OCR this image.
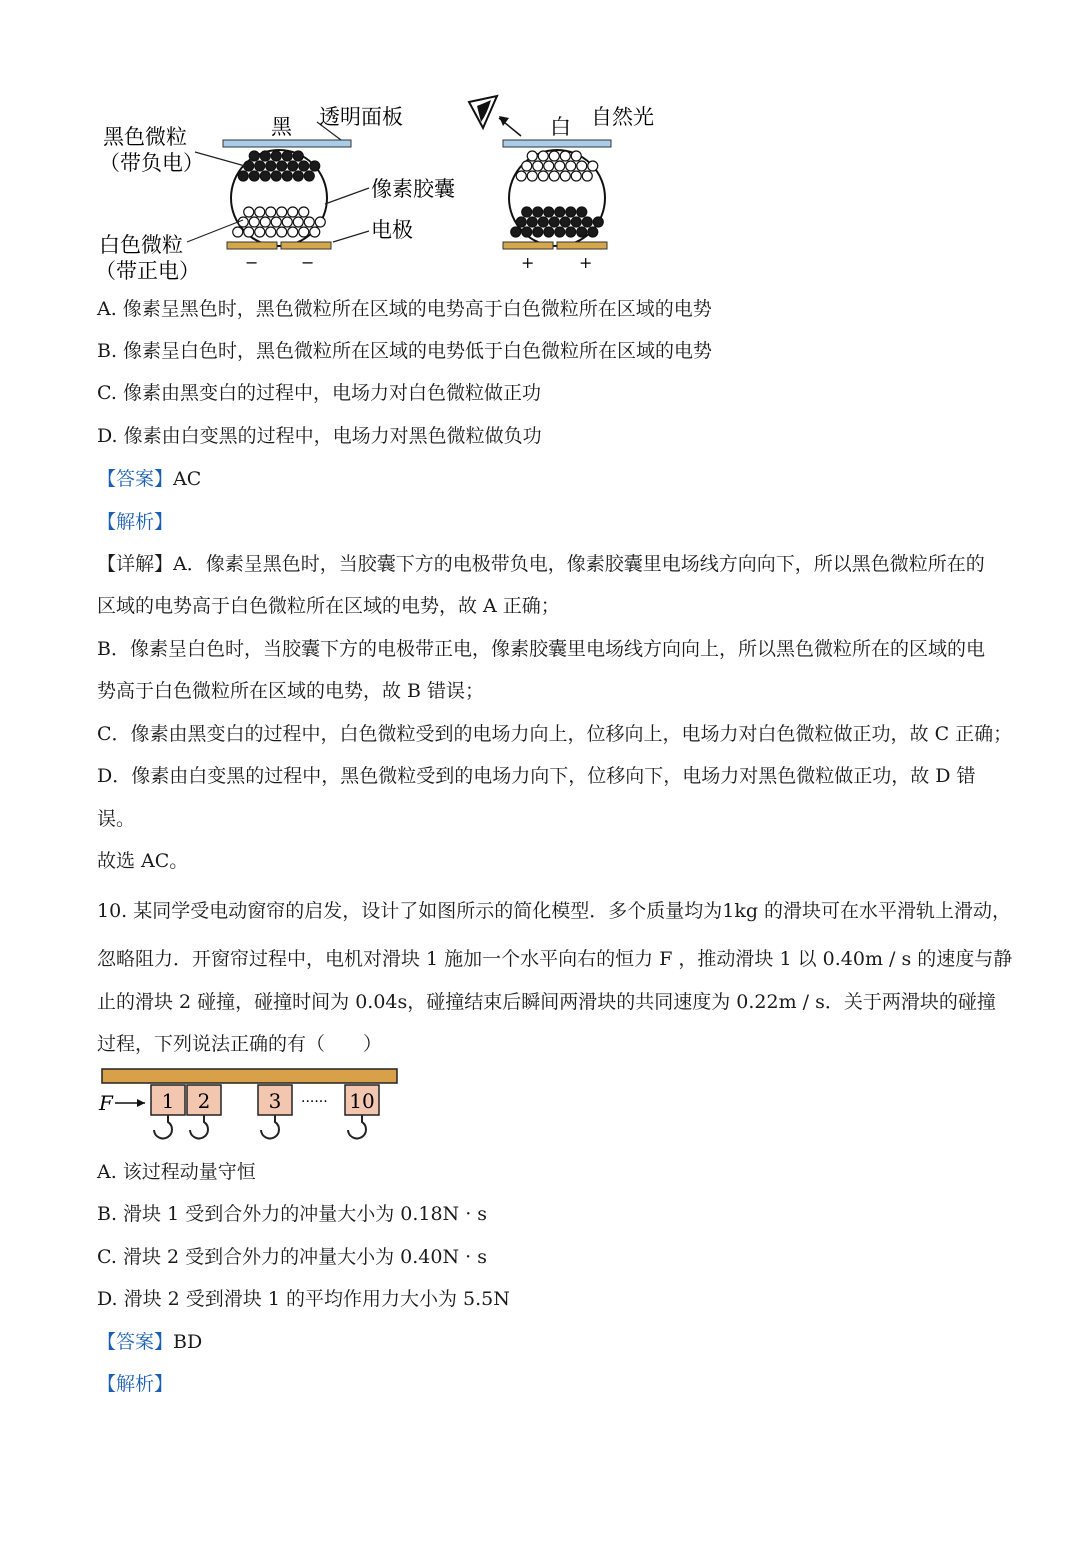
黑 透明面板
黑色微粒
（带负电）
像素胶囊
电极
−	−
白色微粒
（带正电）
白 自然光
+	+
A. 像素呈黑色时，黑色微粒所在区域的电势高于白色微粒所在区域的电势
B. 像素呈白色时，黑色微粒所在区域的电势低于白色微粒所在区域的电势
C. 像素由黑变白的过程中，电场力对白色微粒做正功
D. 像素由白变黑的过程中，电场力对黑色微粒做负功
【答案】AC
【解析】
【详解】A．像素呈黑色时，当胶囊下方的电极带负电，像素胶囊里电场线方向向下，所以黑色微粒所在的
区域的电势高于白色微粒所在区域的电势，故 A 正确；
B．像素呈白色时，当胶囊下方的电极带正电，像素胶囊里电场线方向向上，所以黑色微粒所在的区域的电
势高于白色微粒所在区域的电势，故 B 错误；
C．像素由黑变白的过程中，白色微粒受到的电场力向上，位移向上，电场力对白色微粒做正功，故 C 正确；
D．像素由白变黑的过程中，黑色微粒受到的电场力向下，位移向下，电场力对黑色微粒做正功，故 D 错
误。
故选 AC。
10. 某同学受电动窗帘的启发，设计了如图所示的简化模型．多个质量均为1kg 的滑块可在水平滑轨上滑动，
忽略阻力．开窗帘过程中，电机对滑块 1 施加一个水平向右的恒力 F ，推动滑块 1 以 0.40m / s 的速度与静
止的滑块 2 碰撞，碰撞时间为 0.04s，碰撞结束后瞬间两滑块的共同速度为 0.22m / s．关于两滑块的碰撞
过程，下列说法正确的有（　　）
F 1 2	3	10
······
A. 该过程动量守恒
B. 滑块 1 受到合外力的冲量大小为 0.18N · s
C. 滑块 2 受到合外力的冲量大小为 0.40N · s
D. 滑块 2 受到滑块 1 的平均作用力大小为 5.5N
【答案】BD
【解析】
